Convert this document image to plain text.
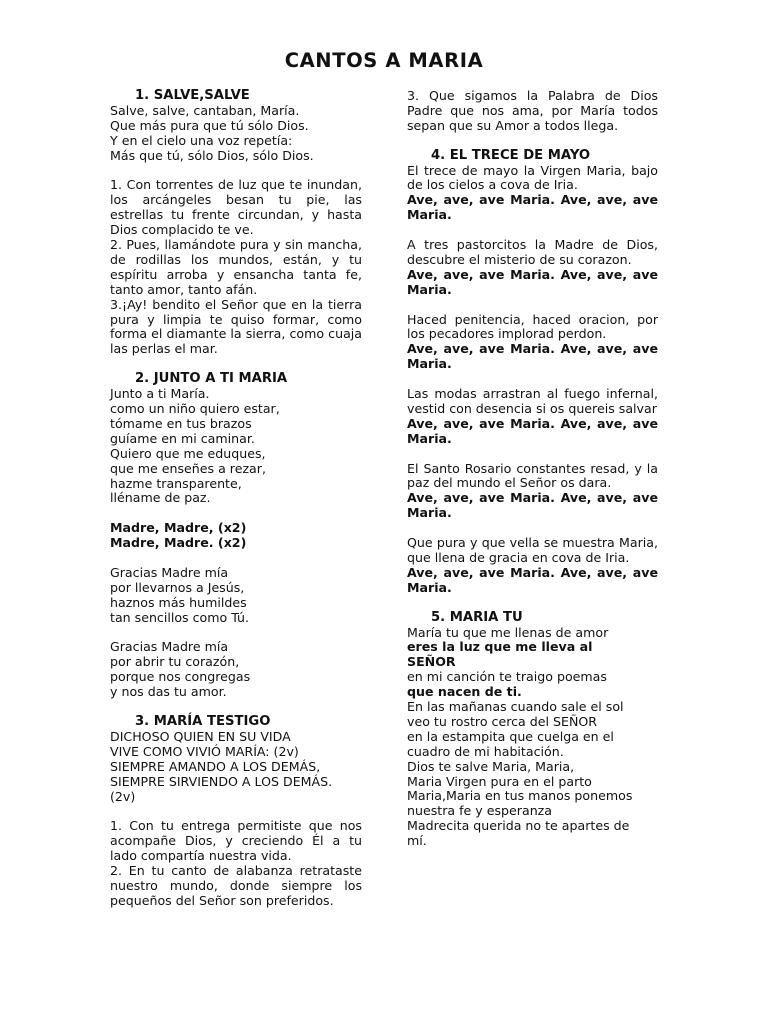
CANTOS A MARIA

1. SALVE,SALVE

Salve, salve, cantaban, María.

Que más pura que tú sólo Dios.

Y en el cielo una voz repetía:

Más que tú, sólo Dios, sólo Dios.

1. Con torrentes de luz que te inundan, los arcángeles besan tu pie, las estrellas tu frente circundan, y hasta Dios complacido te ve.

2. Pues, llamándote pura y sin mancha, de rodillas los mundos, están, y tu espíritu arroba y ensancha tanta fe, tanto amor, tanto afán.

3.¡Ay! bendito el Señor que en la tierra pura y limpia te quiso formar, como forma el diamante la sierra, como cuaja las perlas el mar.

2. JUNTO A TI MARIA

Junto a ti María.

como un niño quiero estar,

tómame en tus brazos

guíame en mi caminar.

Quiero que me eduques,

que me enseñes a rezar,

hazme transparente,

lléname de paz.

Madre, Madre, (x2)

Madre, Madre. (x2)

Gracias Madre mía

por llevarnos a Jesús,

haznos más humildes

tan sencillos como Tú.

Gracias Madre mía

por abrir tu corazón,

porque nos congregas

y nos das tu amor.

3. MARÍA TESTIGO

DICHOSO QUIEN EN SU VIDA

VIVE COMO VIVIÓ MARÍA: (2v)

SIEMPRE AMANDO A LOS DEMÁS,

SIEMPRE SIRVIENDO A LOS DEMÁS.

(2v)

1. Con tu entrega permitiste que nos acompañe Dios, y creciendo Él a tu lado compartía nuestra vida.

2. En tu canto de alabanza retrataste nuestro mundo, donde siempre los pequeños del Señor son preferidos.

3. Que sigamos la Palabra de Dios Padre que nos ama, por María todos sepan que su Amor a todos llega.

4. EL TRECE DE MAYO

El trece de mayo la Virgen Maria, bajo de los cielos a cova de Iria.

Ave, ave, ave Maria. Ave, ave, ave Maria.

A tres pastorcitos la Madre de Dios, descubre el misterio de su corazon.

Ave, ave, ave Maria. Ave, ave, ave Maria.

Haced penitencia, haced oracion, por los pecadores implorad perdon.

Ave, ave, ave Maria. Ave, ave, ave Maria.

Las modas arrastran al fuego infernal, vestid con desencia si os quereis salvar

Ave, ave, ave Maria. Ave, ave, ave Maria.

El Santo Rosario constantes resad, y la paz del mundo el Señor os dara.

Ave, ave, ave Maria. Ave, ave, ave Maria.

Que pura y que vella se muestra Maria, que llena de gracia en cova de Iria.

Ave, ave, ave Maria. Ave, ave, ave Maria.

5. MARIA TU

María tu que me llenas de amor

eres la luz que me lleva al SEÑOR

en mi canción te traigo poemas

que nacen de ti.

En las mañanas cuando sale el sol

veo tu rostro cerca del SEÑOR

en la estampita que cuelga en el cuadro de mi habitación.

Dios te salve Maria, Maria,

Maria Virgen pura en el parto

Maria,Maria en tus manos ponemos nuestra fe y esperanza

Madrecita querida no te apartes de mí.
